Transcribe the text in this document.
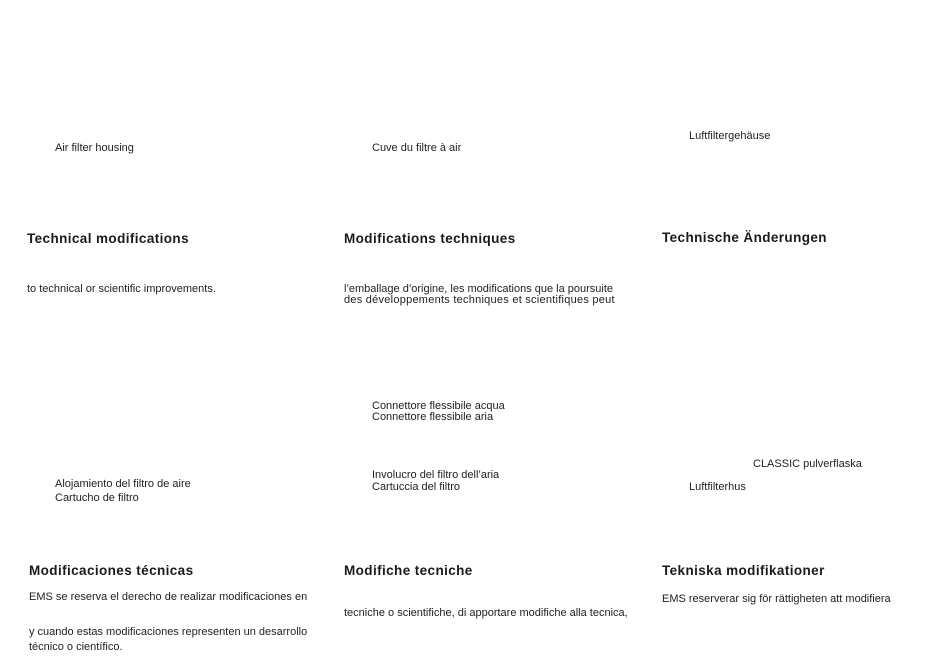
Air filter housing
Technical modifications
to technical or scientific improvements.
Cuve du filtre à air
Modifications techniques
l’emballage d’origine, les modifications que la poursuite
des développements techniques et scientifiques peut
Luftfiltergehäuse
Technische Änderungen
Connettore flessibile acqua
Connettore flessibile aria
Alojamiento del filtro de aire
Cartucho de filtro
Modificaciones técnicas
EMS se reserva el derecho de realizar modificaciones en
y cuando estas modificaciones representen un desarrollo
técnico o científico.
Involucro del filtro dell’aria
Cartuccia del filtro
Modifiche tecniche
tecniche o scientifiche, di apportare modifiche alla tecnica,
CLASSIC pulverflaska
Luftfilterhus
Tekniska modifikationer
EMS reserverar sig för rättigheten att modifiera
